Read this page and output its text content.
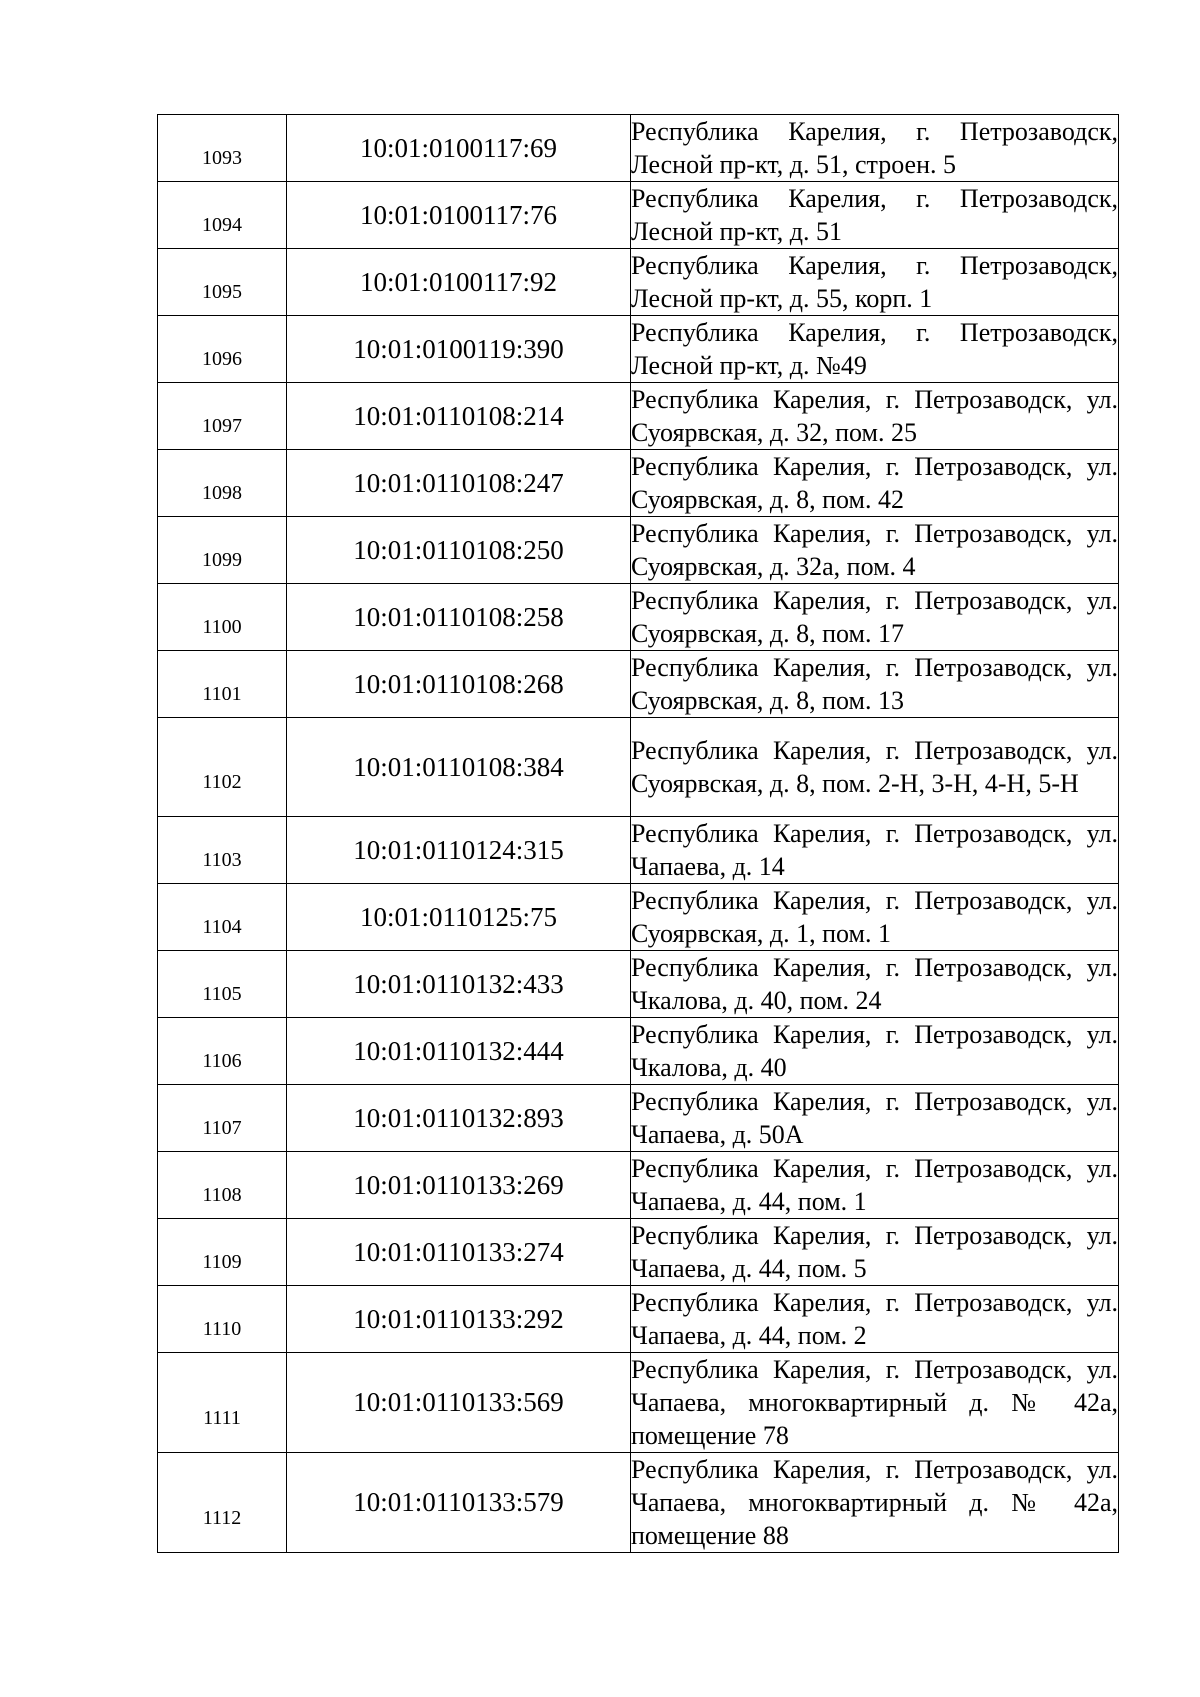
1093	10:01:0100117:69	Республика Карелия, г. Петрозаводск, Лесной пр-кт, д. 51, строен. 5

1094	10:01:0100117:76	Республика Карелия, г. Петрозаводск, Лесной пр-кт, д. 51

1095	10:01:0100117:92	Республика Карелия, г. Петрозаводск, Лесной пр-кт, д. 55, корп. 1

1096	10:01:0100119:390	Республика Карелия, г. Петрозаводск, Лесной пр-кт, д. №49

1097	10:01:0110108:214	Республика Карелия, г. Петрозаводск, ул. Суоярвская, д. 32, пом. 25

1098	10:01:0110108:247	Республика Карелия, г. Петрозаводск, ул. Суоярвская, д. 8, пом. 42

1099	10:01:0110108:250	Республика Карелия, г. Петрозаводск, ул. Суоярвская, д. 32а, пом. 4

1100	10:01:0110108:258	Республика Карелия, г. Петрозаводск, ул. Суоярвская, д. 8, пом. 17

1101	10:01:0110108:268	Республика Карелия, г. Петрозаводск, ул. Суоярвская, д. 8, пом. 13

1102	10:01:0110108:384	Республика Карелия, г. Петрозаводск, ул. Суоярвская, д. 8, пом. 2-Н, 3-Н, 4-Н, 5-Н

1103	10:01:0110124:315	Республика Карелия, г. Петрозаводск, ул. Чапаева, д. 14

1104	10:01:0110125:75	Республика Карелия, г. Петрозаводск, ул. Суоярвская, д. 1, пом. 1

1105	10:01:0110132:433	Республика Карелия, г. Петрозаводск, ул. Чкалова, д. 40, пом. 24

1106	10:01:0110132:444	Республика Карелия, г. Петрозаводск, ул. Чкалова, д. 40

1107	10:01:0110132:893	Республика Карелия, г. Петрозаводск, ул. Чапаева, д. 50А

1108	10:01:0110133:269	Республика Карелия, г. Петрозаводск, ул. Чапаева, д. 44, пом. 1

1109	10:01:0110133:274	Республика Карелия, г. Петрозаводск, ул. Чапаева, д. 44, пом. 5

1110	10:01:0110133:292	Республика Карелия, г. Петрозаводск, ул. Чапаева, д. 44, пом. 2

1111	10:01:0110133:569	Республика Карелия, г. Петрозаводск, ул. Чапаева, многоквартирный д. № 42а, помещение 78

1112	10:01:0110133:579	Республика Карелия, г. Петрозаводск, ул. Чапаева, многоквартирный д. № 42а, помещение 88
